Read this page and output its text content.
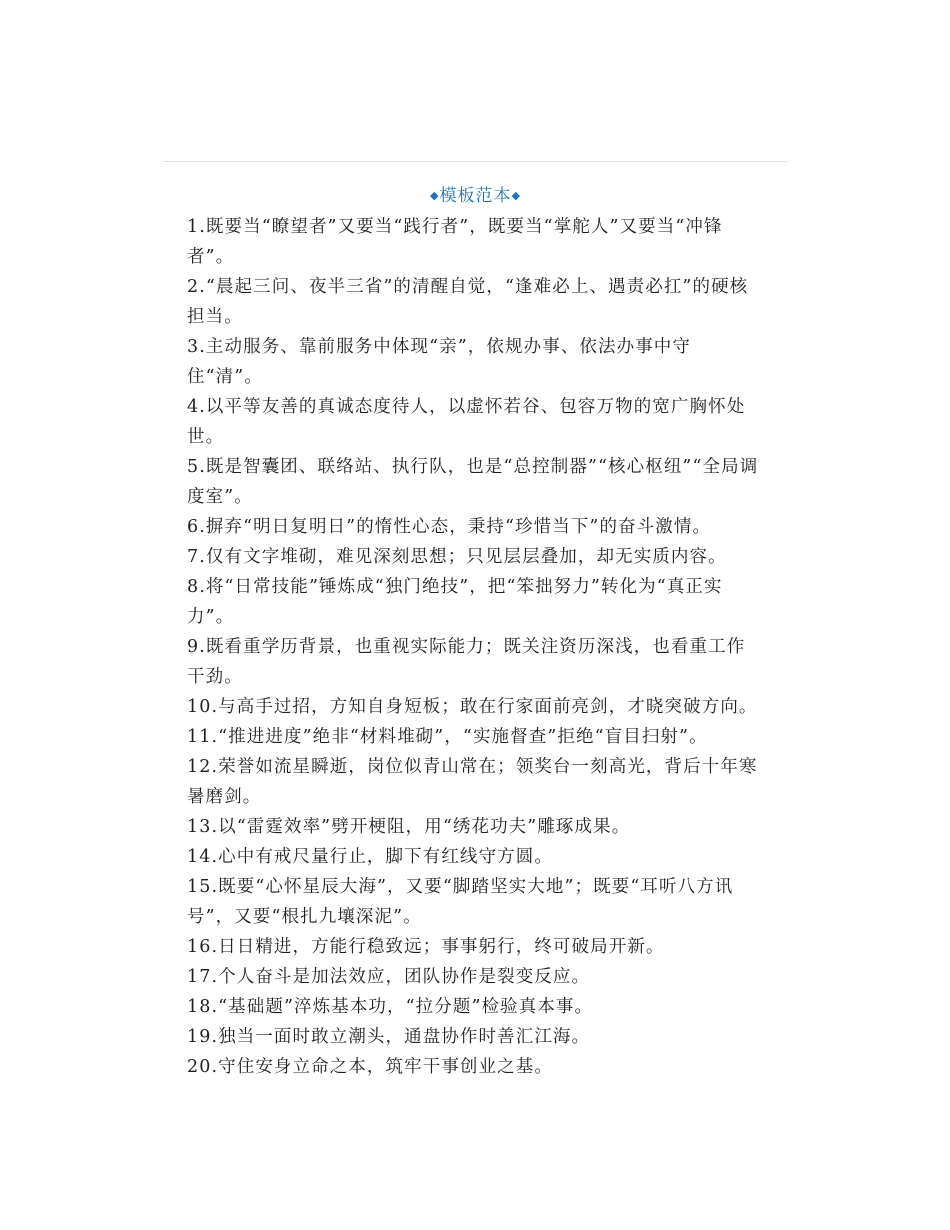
◆模板范本◆
1.既要当“瞭望者”又要当“践行者”，既要当“掌舵人”又要当“冲锋者”。
2.“晨起三问、夜半三省”的清醒自觉，“逢难必上、遇责必扛”的硬核担当。
3.主动服务、靠前服务中体现“亲”，依规办事、依法办事中守住“清”。
4.以平等友善的真诚态度待人，以虚怀若谷、包容万物的宽广胸怀处世。
5.既是智囊团、联络站、执行队，也是“总控制器”“核心枢纽”“全局调度室”。
6.摒弃“明日复明日”的惰性心态，秉持“珍惜当下”的奋斗激情。
7.仅有文字堆砌，难见深刻思想；只见层层叠加，却无实质内容。
8.将“日常技能”锤炼成“独门绝技”，把“笨拙努力”转化为“真正实力”。
9.既看重学历背景，也重视实际能力；既关注资历深浅，也看重工作干劲。
10.与高手过招，方知自身短板；敢在行家面前亮剑，才晓突破方向。
11.“推进进度”绝非“材料堆砌”，“实施督查”拒绝“盲目扫射”。
12.荣誉如流星瞬逝，岗位似青山常在；领奖台一刻高光，背后十年寒暑磨剑。
13.以“雷霆效率”劈开梗阻，用“绣花功夫”雕琢成果。
14.心中有戒尺量行止，脚下有红线守方圆。
15.既要“心怀星辰大海”，又要“脚踏坚实大地”；既要“耳听八方讯号”，又要“根扎九壤深泥”。
16.日日精进，方能行稳致远；事事躬行，终可破局开新。
17.个人奋斗是加法效应，团队协作是裂变反应。
18.“基础题”淬炼基本功，“拉分题”检验真本事。
19.独当一面时敢立潮头，通盘协作时善汇江海。
20.守住安身立命之本，筑牢干事创业之基。
